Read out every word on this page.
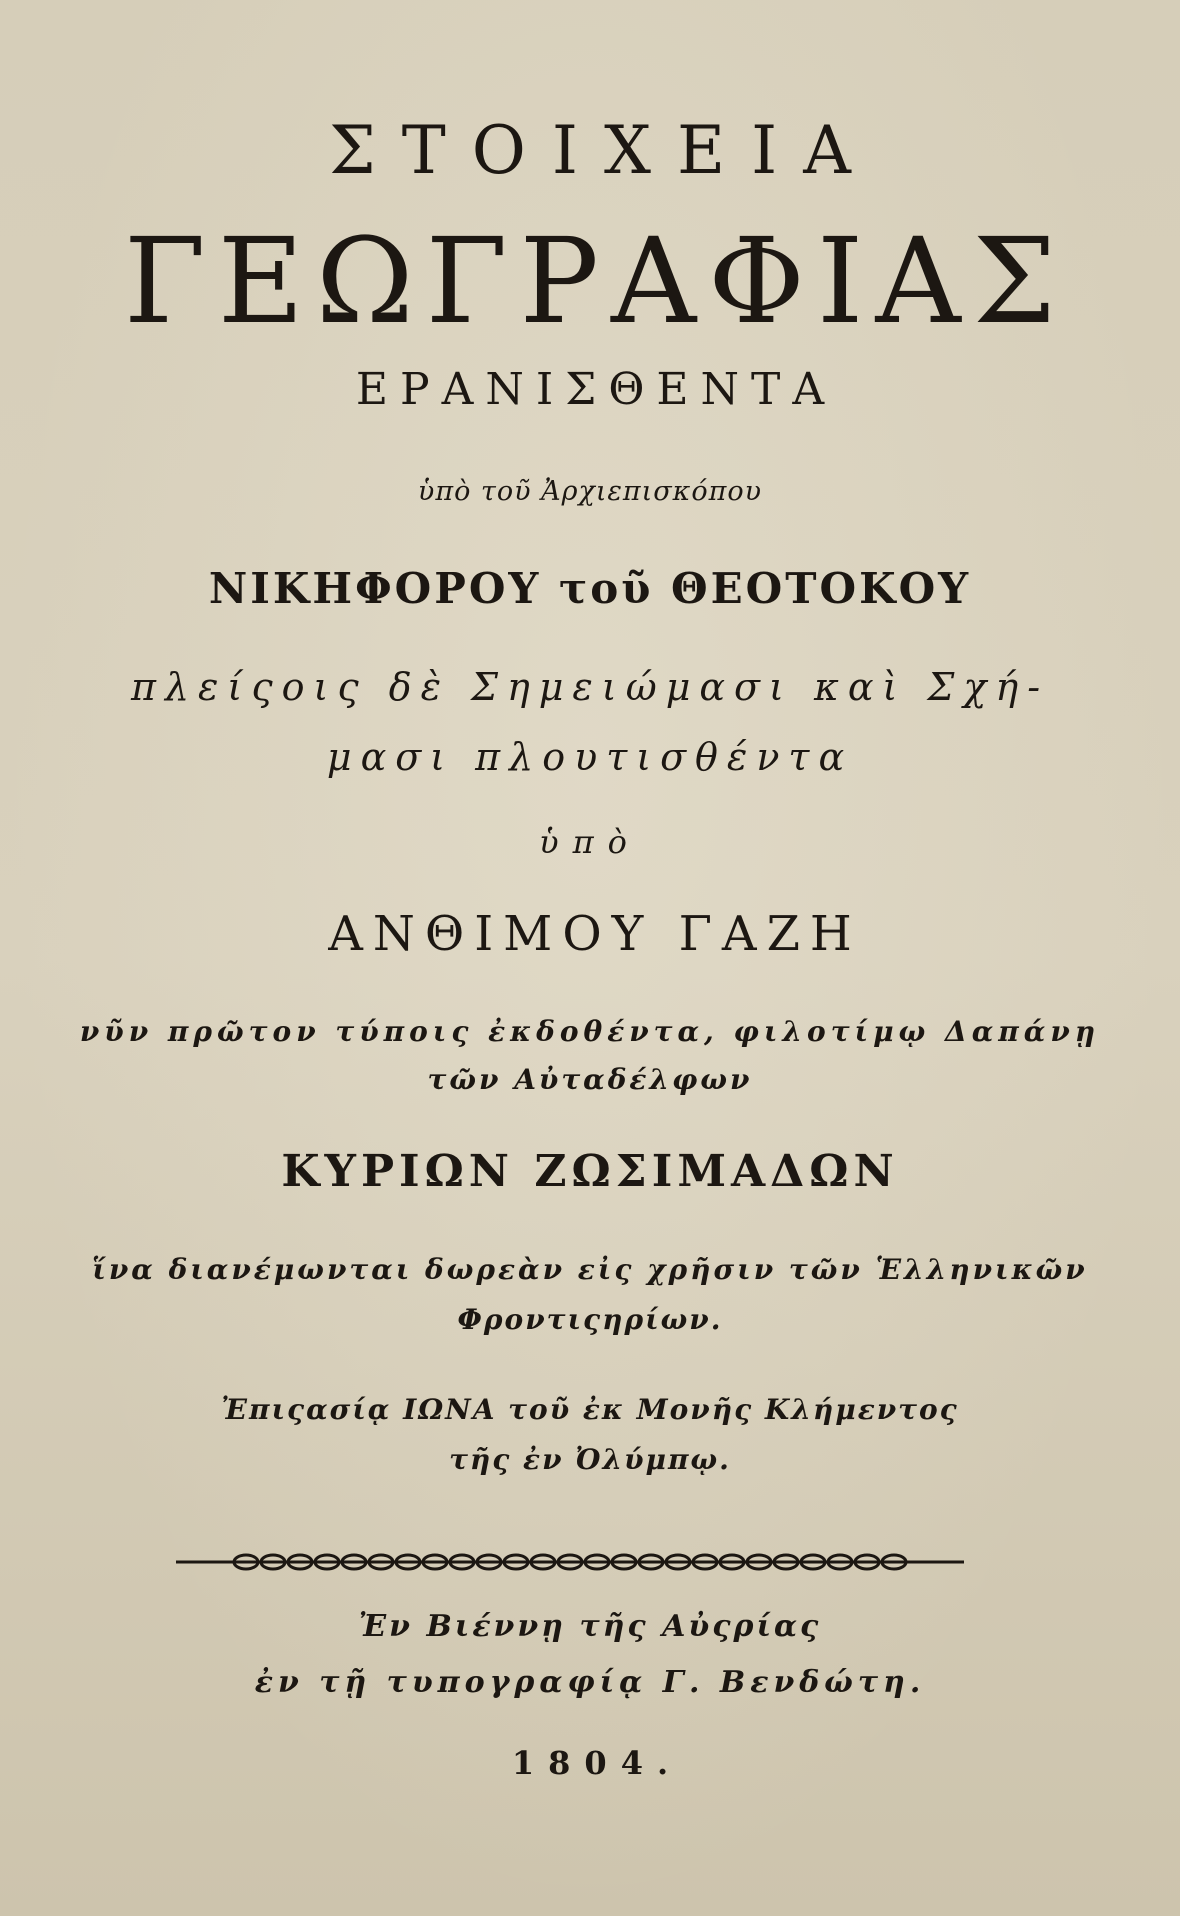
ΣΤΟΙΧΕΙΑ
ΓΕΩΓΡΑΦΙΑΣ
ΕΡΑΝΙΣΘΕΝΤΑ
ὑπὸ τοῦ Ἀρχιεπισκόπου
ΝΙΚΗΦΟΡΟΥ τοῦ ΘΕΟΤΟΚΟΥ
πλείςοις δὲ Σημειώμασι καὶ Σχή-
μασι πλουτισθέντα
ὑπὸ
ΑΝΘΙΜΟΥ ΓΑΖΗ
νῦν πρῶτον τύποις ἐκδοθέντα, φιλοτίμῳ Δαπάνῃ
τῶν Αὐταδέλφων
ΚΥΡΙΩΝ ΖΩΣΙΜΑΔΩΝ
ἵνα διανέμωνται δωρεὰν εἰς χρῆσιν τῶν Ἑλληνικῶν
Φροντιςηρίων.
Ἐπιςασίᾳ ΙΩΝΑ τοῦ ἐκ Μονῆς Κλήμεντος
τῆς ἐν Ὀλύμπῳ.
Ἐν Βιέννῃ τῆς Αὐςρίας
ἐν τῇ τυπογραφίᾳ Γ. Βενδώτη.
1804.
